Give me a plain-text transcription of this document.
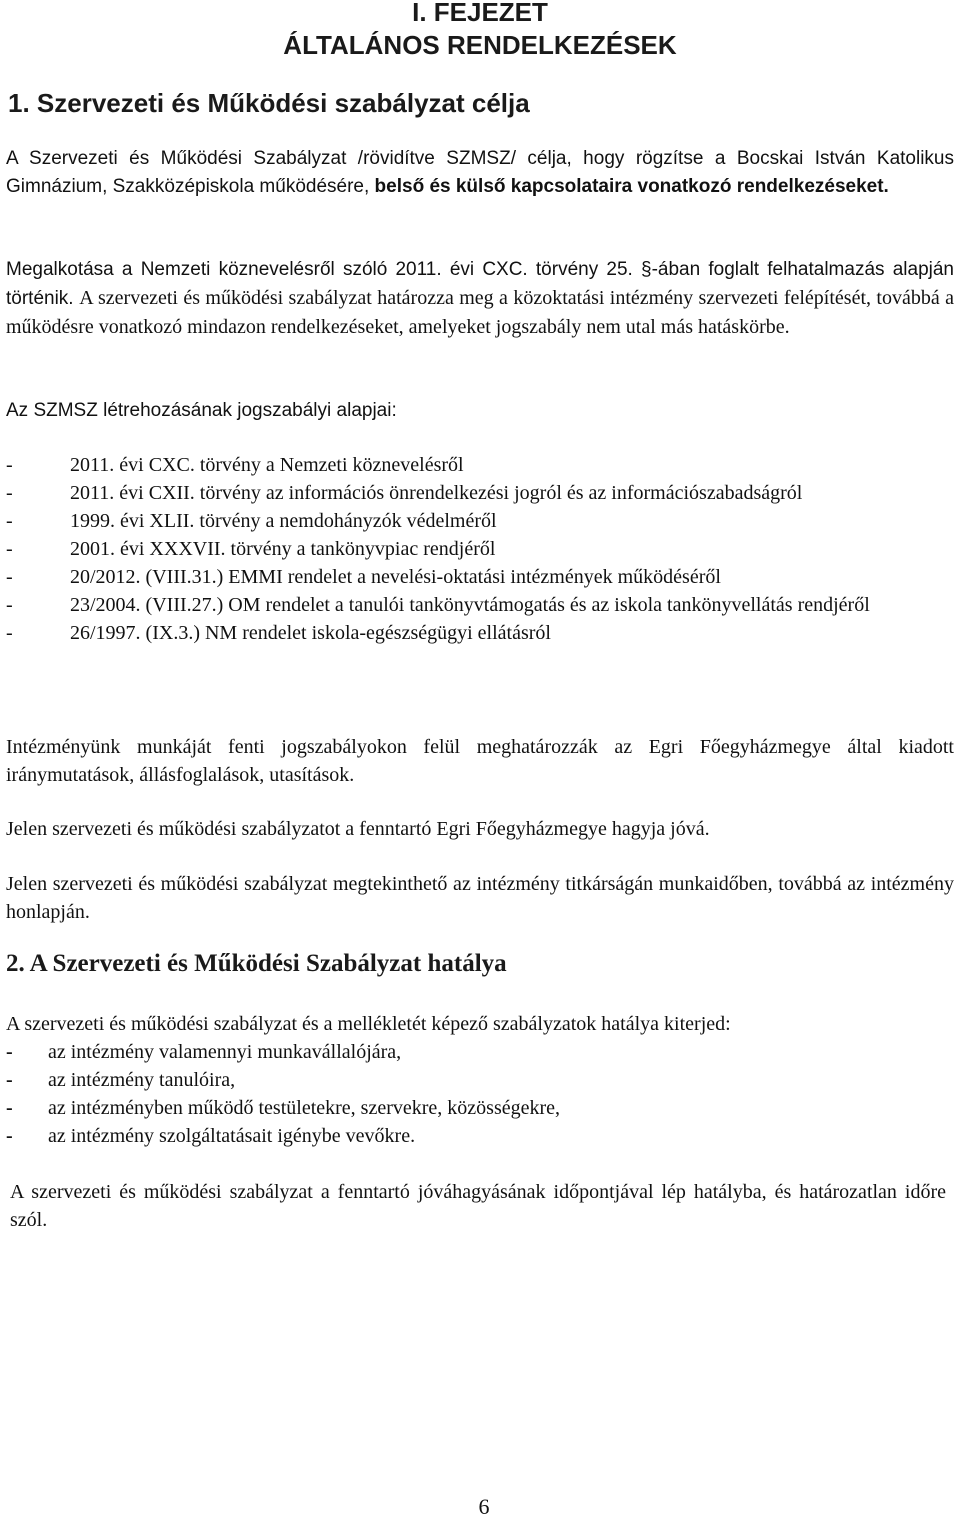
I. FEJEZET
ÁLTALÁNOS RENDELKEZÉSEK
1. Szervezeti és Működési szabályzat célja

A Szervezeti és Működési Szabályzat /rövidítve SZMSZ/ célja, hogy rögzítse a Bocskai István Katolikus Gimnázium, Szakközépiskola működésére, belső és külső kapcsolataira vonatkozó rendelkezéseket.

Megalkotása a Nemzeti köznevelésről szóló 2011. évi CXC. törvény 25. §-ában foglalt felhatalmazás alapján történik. A szervezeti és működési szabályzat határozza meg a közoktatási intézmény szervezeti felépítését, továbbá a működésre vonatkozó mindazon rendelkezéseket, amelyeket jogszabály nem utal más hatáskörbe.

Az SZMSZ létrehozásának jogszabályi alapjai:

-	2011. évi CXC. törvény a Nemzeti köznevelésről
-	2011. évi CXII. törvény az információs önrendelkezési jogról és az információszabadságról
-	1999. évi XLII. törvény a nemdohányzók védelméről
-	2001. évi XXXVII. törvény a tankönyvpiac rendjéről
-	20/2012. (VIII.31.) EMMI rendelet a nevelési-oktatási intézmények működéséről
-	23/2004. (VIII.27.) OM rendelet a tanulói tankönyvtámogatás és az iskola tankönyvellátás rendjéről
-	26/1997. (IX.3.) NM rendelet iskola-egészségügyi ellátásról

Intézményünk munkáját fenti jogszabályokon felül meghatározzák az Egri Főegyházmegye által kiadott iránymutatások, állásfoglalások, utasítások.

Jelen szervezeti és működési szabályzatot a fenntartó Egri Főegyházmegye hagyja jóvá.

Jelen szervezeti és működési szabályzat megtekinthető az intézmény titkárságán munkaidőben, továbbá az intézmény honlapján.

2. A Szervezeti és Működési Szabályzat hatálya

A szervezeti és működési szabályzat és a mellékletét képező szabályzatok hatálya kiterjed:

-	az intézmény valamennyi munkavállalójára,
-	az intézmény tanulóira,
-	az intézményben működő testületekre, szervekre, közösségekre,
-	az intézmény szolgáltatásait igénybe vevőkre.

A szervezeti és működési szabályzat a fenntartó jóváhagyásának időpontjával lép hatályba, és határozatlan időre szól.

6
